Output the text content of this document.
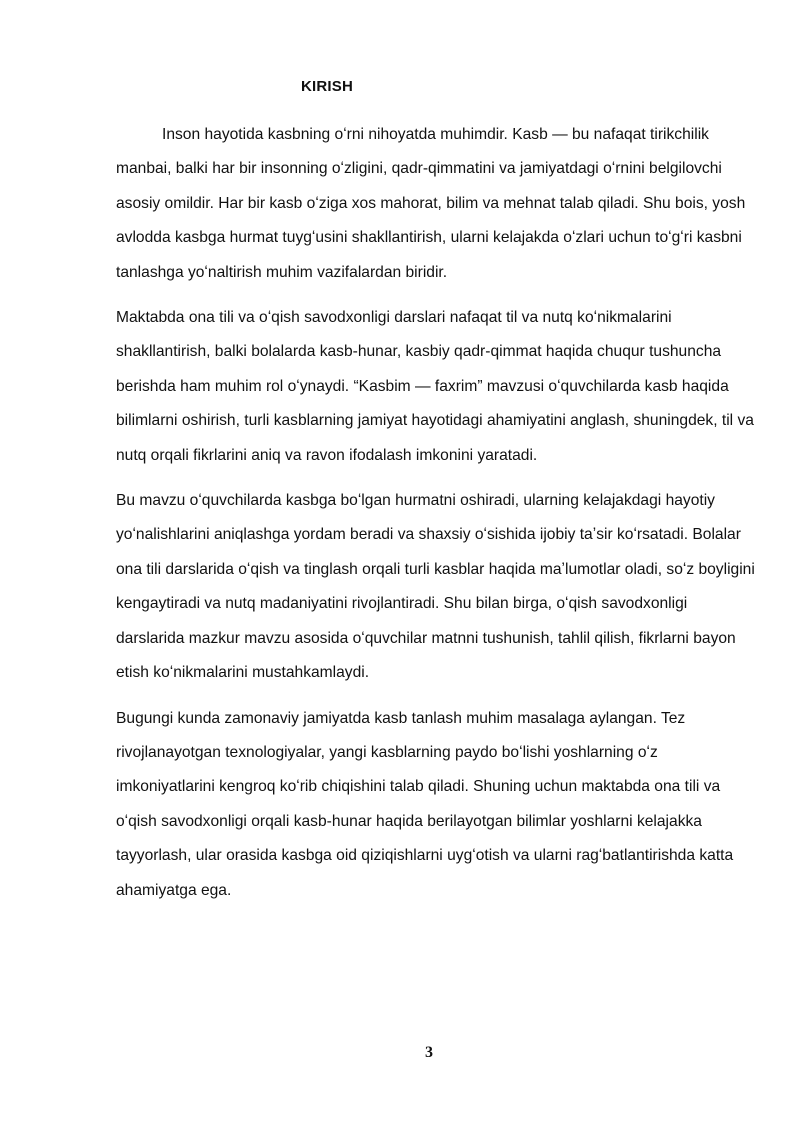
KIRISH

Inson hayotida kasbning oʻrni nihoyatda muhimdir. Kasb — bu nafaqat tirikchilik manbai, balki har bir insonning oʻzligini, qadr-qimmatini va jamiyatdagi oʻrnini belgilovchi asosiy omildir. Har bir kasb oʻziga xos mahorat, bilim va mehnat talab qiladi. Shu bois, yosh avlodda kasbga hurmat tuygʻusini shakllantirish, ularni kelajakda oʻzlari uchun toʻgʻri kasbni tanlashga yoʻnaltirish muhim vazifalardan biridir.

Maktabda ona tili va oʻqish savodxonligi darslari nafaqat til va nutq koʻnikmalarini shakllantirish, balki bolalarda kasb-hunar, kasbiy qadr-qimmat haqida chuqur tushuncha berishda ham muhim rol oʻynaydi. “Kasbim — faxrim” mavzusi oʻquvchilarda kasb haqida bilimlarni oshirish, turli kasblarning jamiyat hayotidagi ahamiyatini anglash, shuningdek, til va nutq orqali fikrlarini aniq va ravon ifodalash imkonini yaratadi.

Bu mavzu oʻquvchilarda kasbga boʻlgan hurmatni oshiradi, ularning kelajakdagi hayotiy yoʻnalishlarini aniqlashga yordam beradi va shaxsiy oʻsishida ijobiy taʼsir koʻrsatadi. Bolalar ona tili darslarida oʻqish va tinglash orqali turli kasblar haqida maʼlumotlar oladi, soʻz boyligini kengaytiradi va nutq madaniyatini rivojlantiradi. Shu bilan birga, oʻqish savodxonligi darslarida mazkur mavzu asosida oʻquvchilar matnni tushunish, tahlil qilish, fikrlarni bayon etish koʻnikmalarini mustahkamlaydi.

Bugungi kunda zamonaviy jamiyatda kasb tanlash muhim masalaga aylangan. Tez rivojlanayotgan texnologiyalar, yangi kasblarning paydo boʻlishi yoshlarning oʻz imkoniyatlarini kengroq koʻrib chiqishini talab qiladi. Shuning uchun maktabda ona tili va oʻqish savodxonligi orqali kasb-hunar haqida berilayotgan bilimlar yoshlarni kelajakka tayyorlash, ular orasida kasbga oid qiziqishlarni uygʻotish va ularni ragʻbatlantirishda katta ahamiyatga ega.

3
